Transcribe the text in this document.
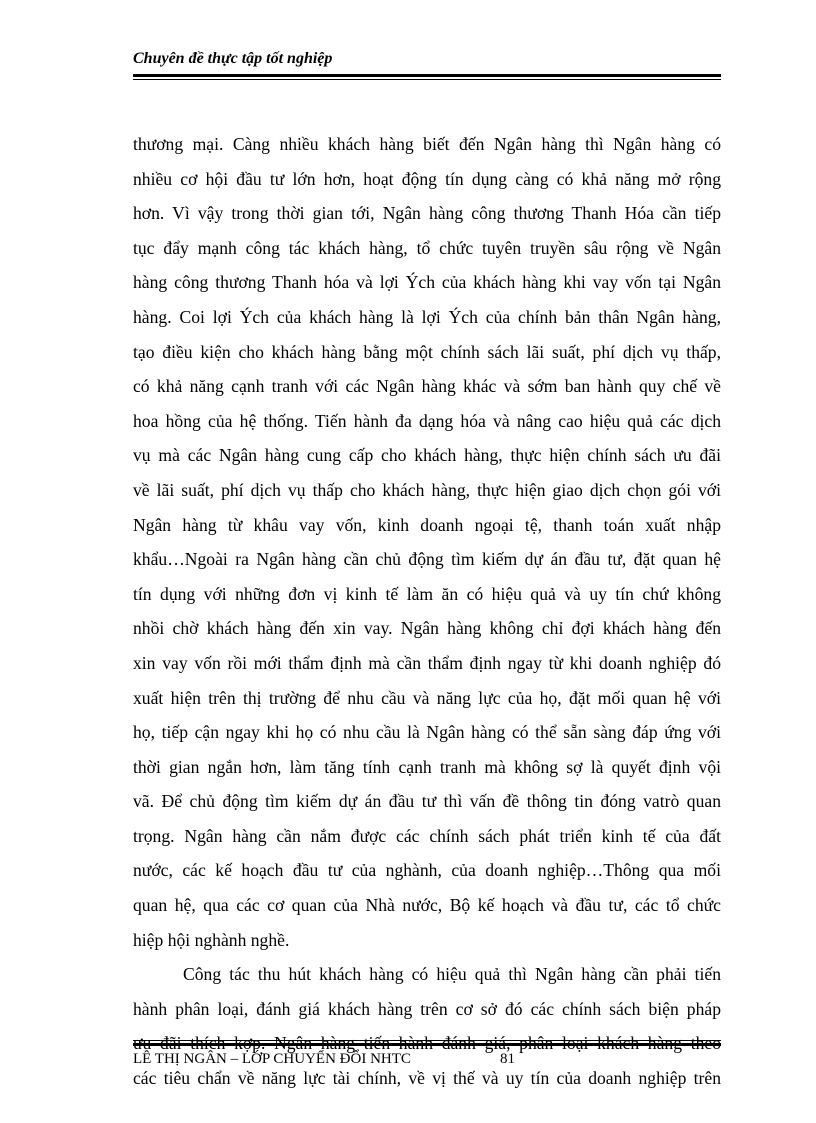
Chuyên đề thực tập tốt nghiệp
thương mại. Càng nhiều khách hàng biết đến Ngân hàng thì Ngân hàng có
nhiều cơ hội đầu tư lớn hơn, hoạt động tín dụng càng có khả năng mở rộng
hơn. Vì vậy trong thời gian tới, Ngân hàng công thương Thanh Hóa cần tiếp
tục đẩy mạnh công tác khách hàng, tổ chức tuyên truyền sâu rộng về Ngân
hàng công thương Thanh hóa và lợi Ých của khách hàng khi vay vốn tại Ngân
hàng. Coi lợi Ých của khách hàng là lợi Ých của chính bản thân Ngân hàng,
tạo điều kiện cho khách hàng bằng một chính sách lãi suất, phí dịch vụ thấp,
có khả năng cạnh tranh với các Ngân hàng khác và sớm ban hành quy chế về
hoa hồng của hệ thống. Tiến hành đa dạng hóa và nâng cao hiệu quả các dịch
vụ mà các Ngân hàng cung cấp cho khách hàng, thực hiện chính sách ưu đãi
về lãi suất, phí dịch vụ thấp cho khách hàng, thực hiện giao dịch chọn gói với
Ngân hàng từ khâu vay vốn, kinh doanh ngoại tệ, thanh toán xuất nhập
khẩu…Ngoài ra Ngân hàng cần chủ động tìm kiếm dự án đầu tư, đặt quan hệ
tín dụng với những đơn vị kinh tế làm ăn có hiệu quả và uy tín chứ không
nhồi chờ khách hàng đến xin vay. Ngân hàng không chỉ đợi khách hàng đến
xin vay vốn rồi mới thẩm định mà cần thẩm định ngay từ khi doanh nghiệp đó
xuất hiện trên thị trường để nhu cầu và năng lực của họ, đặt mối quan hệ với
họ, tiếp cận ngay khi họ có nhu cầu là Ngân hàng có thể sẵn sàng đáp ứng với
thời gian ngắn hơn, làm tăng tính cạnh tranh mà không sợ là quyết định vội
vã. Để chủ động tìm kiếm dự án đầu tư thì vấn đề thông tin đóng vatrò quan
trọng. Ngân hàng cần nắm được các chính sách phát triển kinh tế của đất
nước, các kế hoạch đầu tư của nghành, của doanh nghiệp…Thông qua mối
quan hệ, qua các cơ quan của Nhà nước, Bộ kế hoạch và đầu tư, các tổ chức
hiệp hội nghành nghề.
Công tác thu hút khách hàng có hiệu quả thì Ngân hàng cần phải tiến
hành phân loại, đánh giá khách hàng trên cơ sở đó các chính sách biện pháp
các tiêu chẩn về năng lực tài chính, về vị thế và uy tín của doanh nghiệp trên
LÊ THỊ NGÂN – LỚP CHUYỂN ĐỔI NHTC	81
